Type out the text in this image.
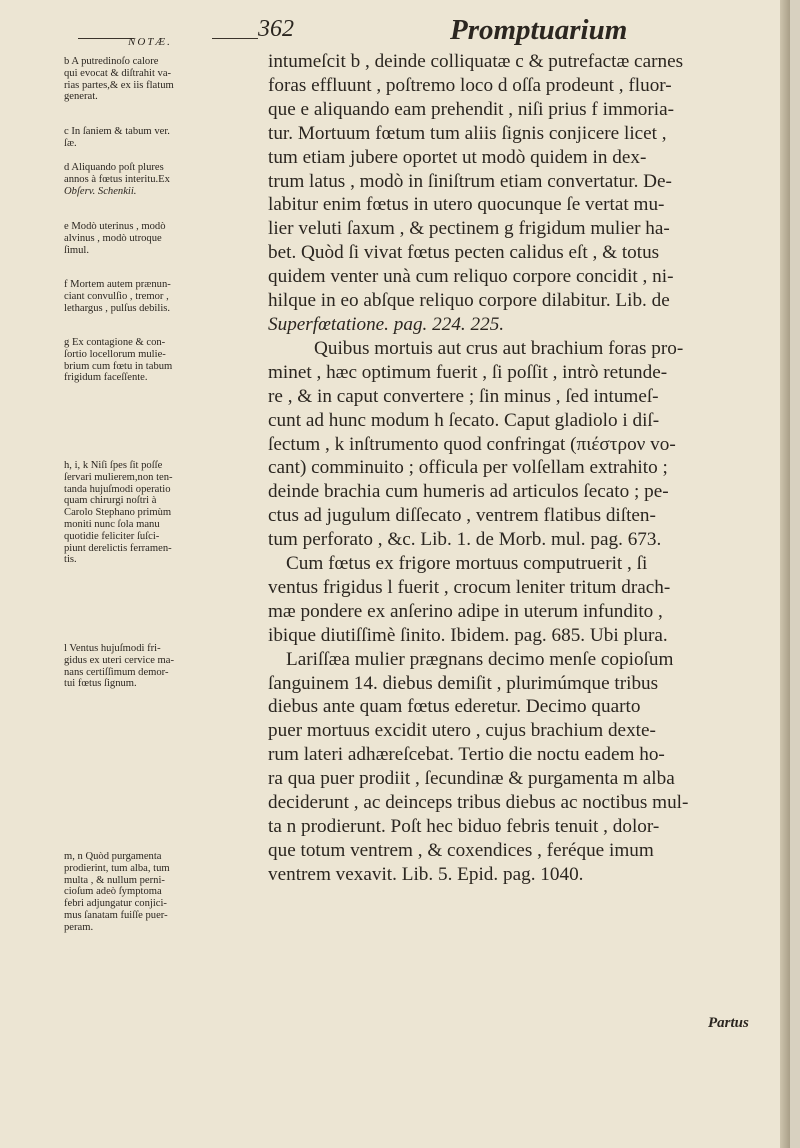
NOTÆ.	362	Promptuarium
b A putredinoſo calore
qui evocat & diſtrahit va-
rias partes,& ex iis flatum
generat.
c In ſaniem & tabum ver.
ſæ.
d Aliquando poſt plures
annos à fœtus interitu.Ex
Obſerv. Schenkii.
e Modò uterinus , modò
alvinus , modò utroque
ſimul.
f Mortem autem prænun-
ciant convulſio , tremor ,
lethargus , pulſus debilis.
g Ex contagione & con-
ſortio locellorum mulie-
brium cum fœtu in tabum
frigidum faceſſente.
h, i, k Niſi ſpes ſit poſſe
ſervari mulierem,non ten-
tanda hujuſmodi operatio
quam chirurgi noſtri à
Carolo Stephano primùm
moniti nunc ſola manu
quotidie feliciter ſuſci-
piunt derelictis ferramen-
tis.
l Ventus hujuſmodi fri-
gidus ex uteri cervice ma-
nans certiſſimum demor-
tui fœtus ſignum.
m, n Quòd purgamenta
prodierint, tum alba, tum
multa , & nullum perni-
cioſum adeò ſymptoma
febri adjungatur conjici-
mus ſanatam fuiſſe puer-
peram.
intumeſcit b , deinde colliquatæ c & putrefactæ carnes
foras effluunt , poſtremo loco d oſſa prodeunt , fluor-
que e aliquando eam prehendit , niſi prius f immoria-
tur. Mortuum fœtum tum aliis ſignis conjicere licet ,
tum etiam jubere oportet ut modò quidem in dex-
trum latus , modò in ſiniſtrum etiam convertatur. De-
labitur enim fœtus in utero quocunque ſe vertat mu-
lier veluti ſaxum , & pectinem g frigidum mulier ha-
bet. Quòd ſi vivat fœtus pecten calidus eſt , & totus
quidem venter unà cum reliquo corpore concidit , ni-
hilque in eo abſque reliquo corpore dilabitur. Lib. de
Superfœtatione. pag. 224. 225.
Quibus mortuis aut crus aut brachium foras pro-
minet , hæc optimum fuerit , ſi poſſit , intrò retunde-
re , & in caput convertere ; ſin minus , ſed intumeſ-
cunt ad hunc modum h ſecato. Caput gladiolo i diſ-
ſectum , k inſtrumento quod confringat (πιέστρον vo-
cant) comminuito ; officula per volſellam extrahito ;
deinde brachia cum humeris ad articulos ſecato ; pe-
ctus ad jugulum diſſecato , ventrem flatibus diſten-
tum perforato , &c. Lib. 1. de Morb. mul. pag. 673.
Cum fœtus ex frigore mortuus computruerit , ſi
ventus frigidus l fuerit , crocum leniter tritum drach-
mæ pondere ex anſerino adipe in uterum infundito ,
ibique diutiſſimè ſinito. Ibidem. pag. 685. Ubi plura.
Lariſſæa mulier prægnans decimo menſe copioſum
ſanguinem 14. diebus demiſit , plurimúmque tribus
diebus ante quam fœtus ederetur. Decimo quarto
puer mortuus excidit utero , cujus brachium dexte-
rum lateri adhæreſcebat. Tertio die noctu eadem ho-
ra qua puer prodiit , ſecundinæ & purgamenta m alba
deciderunt , ac deinceps tribus diebus ac noctibus mul-
ta n prodierunt. Poſt hec biduo febris tenuit , dolor-
que totum ventrem , & coxendices , feréque imum
ventrem vexavit. Lib. 5. Epid. pag. 1040.
Partus
